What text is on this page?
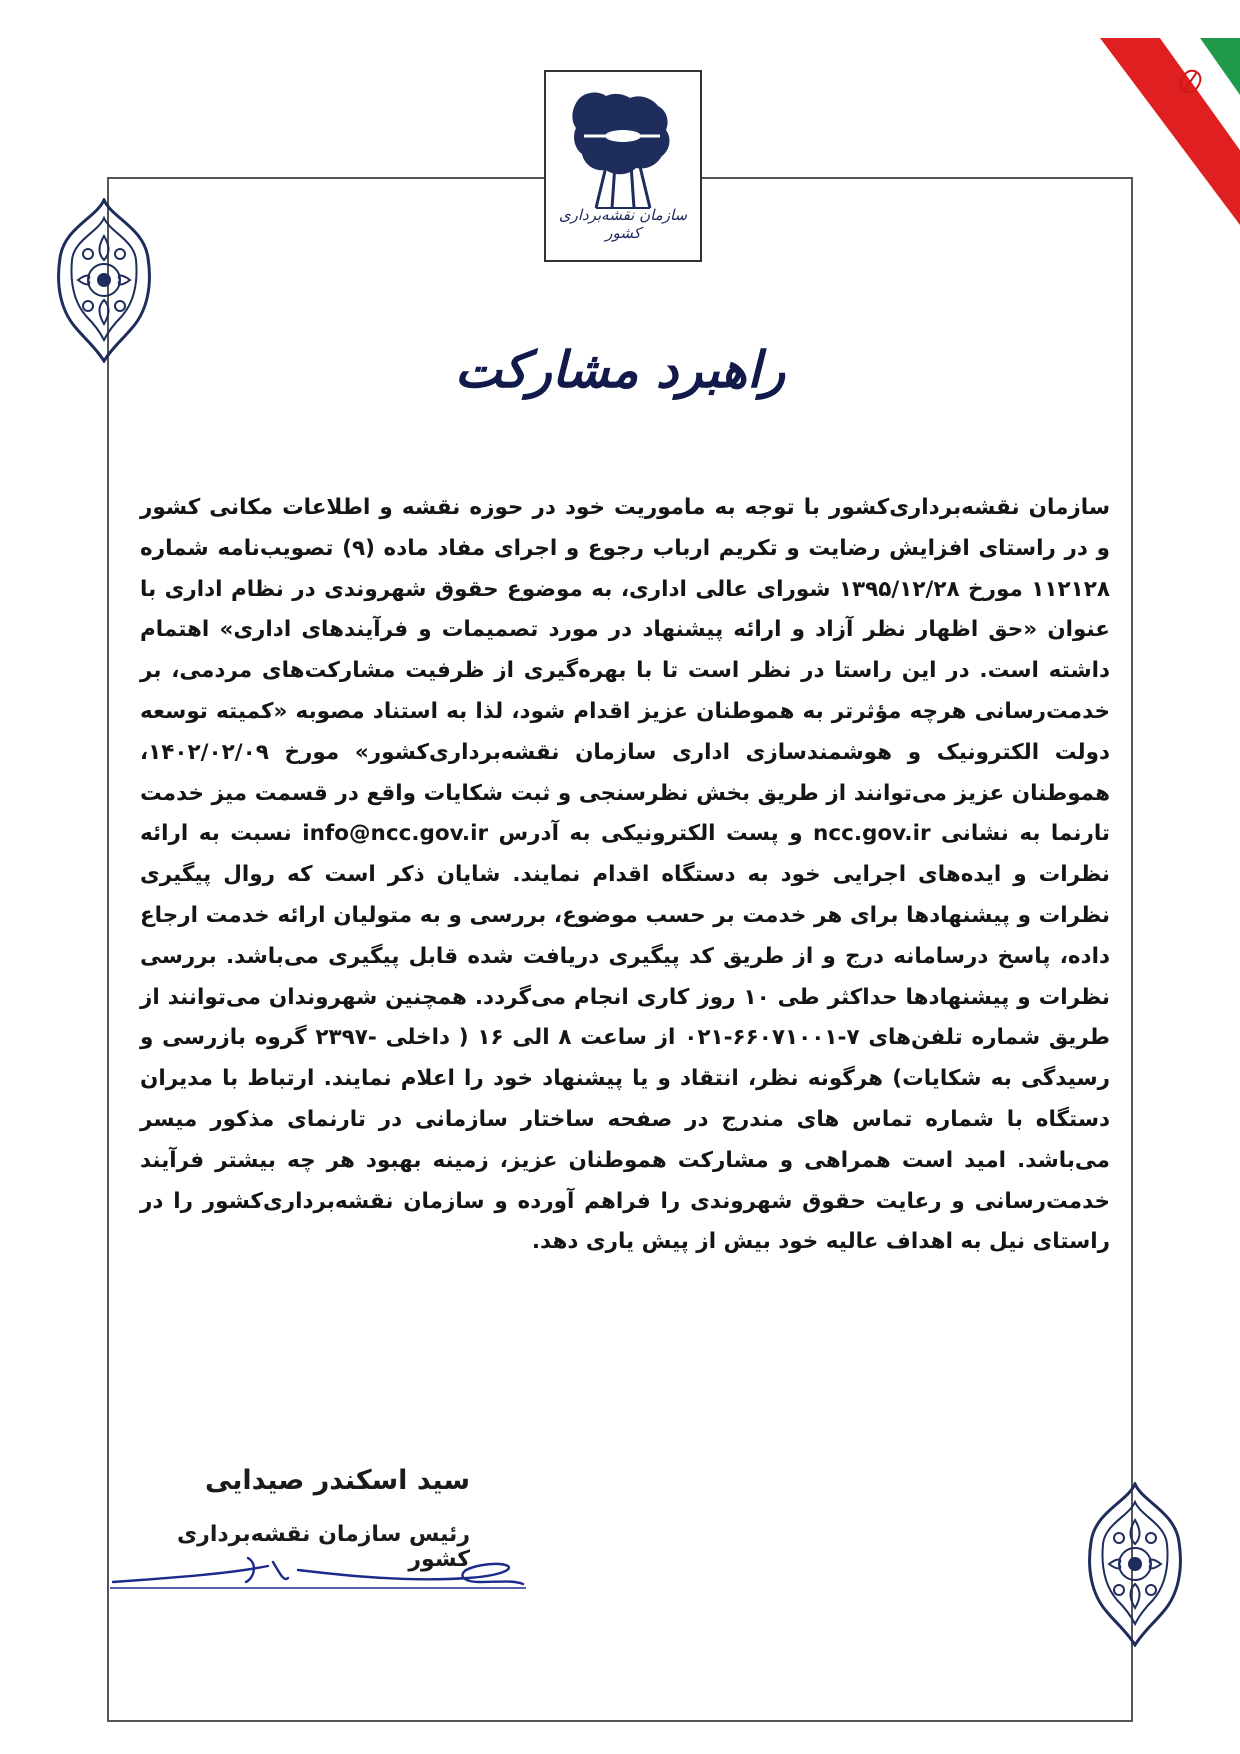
سازمان نقشه‌برداری کشور
راهبرد مشارکت
سازمان نقشه‌برداری‌کشور با توجه به ماموریت خود در حوزه نقشه و اطلاعات مکانی کشور و در راستای افزایش رضایت و تکریم ارباب رجوع و اجرای مفاد ماده (۹) تصویب‌نامه شماره ۱۱۲۱۲۸ مورخ ۱۳۹۵/۱۲/۲۸ شورای عالی اداری، به موضوع حقوق شهروندی در نظام اداری با عنوان «حق اظهار نظر آزاد و ارائه پیشنهاد در مورد تصمیمات و فرآیندهای اداری» اهتمام داشته است. در این راستا در نظر است تا با بهره‌گیری از ظرفیت مشارکت‌های مردمی، بر خدمت‌رسانی هرچه مؤثرتر به هموطنان عزیز اقدام شود، لذا به استناد مصوبه «کمیته توسعه دولت الکترونیک و هوشمندسازی اداری سازمان نقشه‌برداری‌کشور» مورخ ۱۴۰۲/۰۲/۰۹، هموطنان عزیز می‌توانند از طریق بخش نظرسنجی و ثبت شکایات واقع در قسمت میز خدمت تارنما به نشانی ncc.gov.ir و پست الکترونیکی به آدرس info@ncc.gov.ir نسبت به ارائه نظرات و ایده‌های اجرایی خود به دستگاه اقدام نمایند. شایان ذکر است که روال پیگیری نظرات و پیشنهادها برای هر خدمت بر حسب موضوع، بررسی و به متولیان ارائه خدمت ارجاع داده، پاسخ درسامانه درج و از طریق کد پیگیری دریافت شده قابل پیگیری می‌باشد. بررسی نظرات و پیشنهادها حداکثر طی ۱۰ روز کاری انجام می‌گردد. همچنین شهروندان می‌توانند از طریق شماره تلفن‌های ۷-۶۶۰۷۱۰۰۱-۰۲۱ از ساعت ۸ الی ۱۶ ( داخلی -۲۳۹۷ گروه بازرسی و رسیدگی به شکایات) هرگونه نظر، انتقاد و یا پیشنهاد خود را اعلام نمایند. ارتباط با مدیران دستگاه با شماره تماس های مندرج در صفحه ساختار سازمانی در تارنمای مذکور میسر می‌باشد. امید است همراهی و مشارکت هموطنان عزیز، زمینه بهبود هر چه بیشتر فرآیند خدمت‌رسانی و رعایت حقوق شهروندی را فراهم آورده و سازمان نقشه‌برداری‌کشور را در راستای نیل به اهداف عالیه خود بیش از پیش یاری دهد.
سید اسکندر صیدایی
رئیس سازمان نقشه‌برداری کشور
